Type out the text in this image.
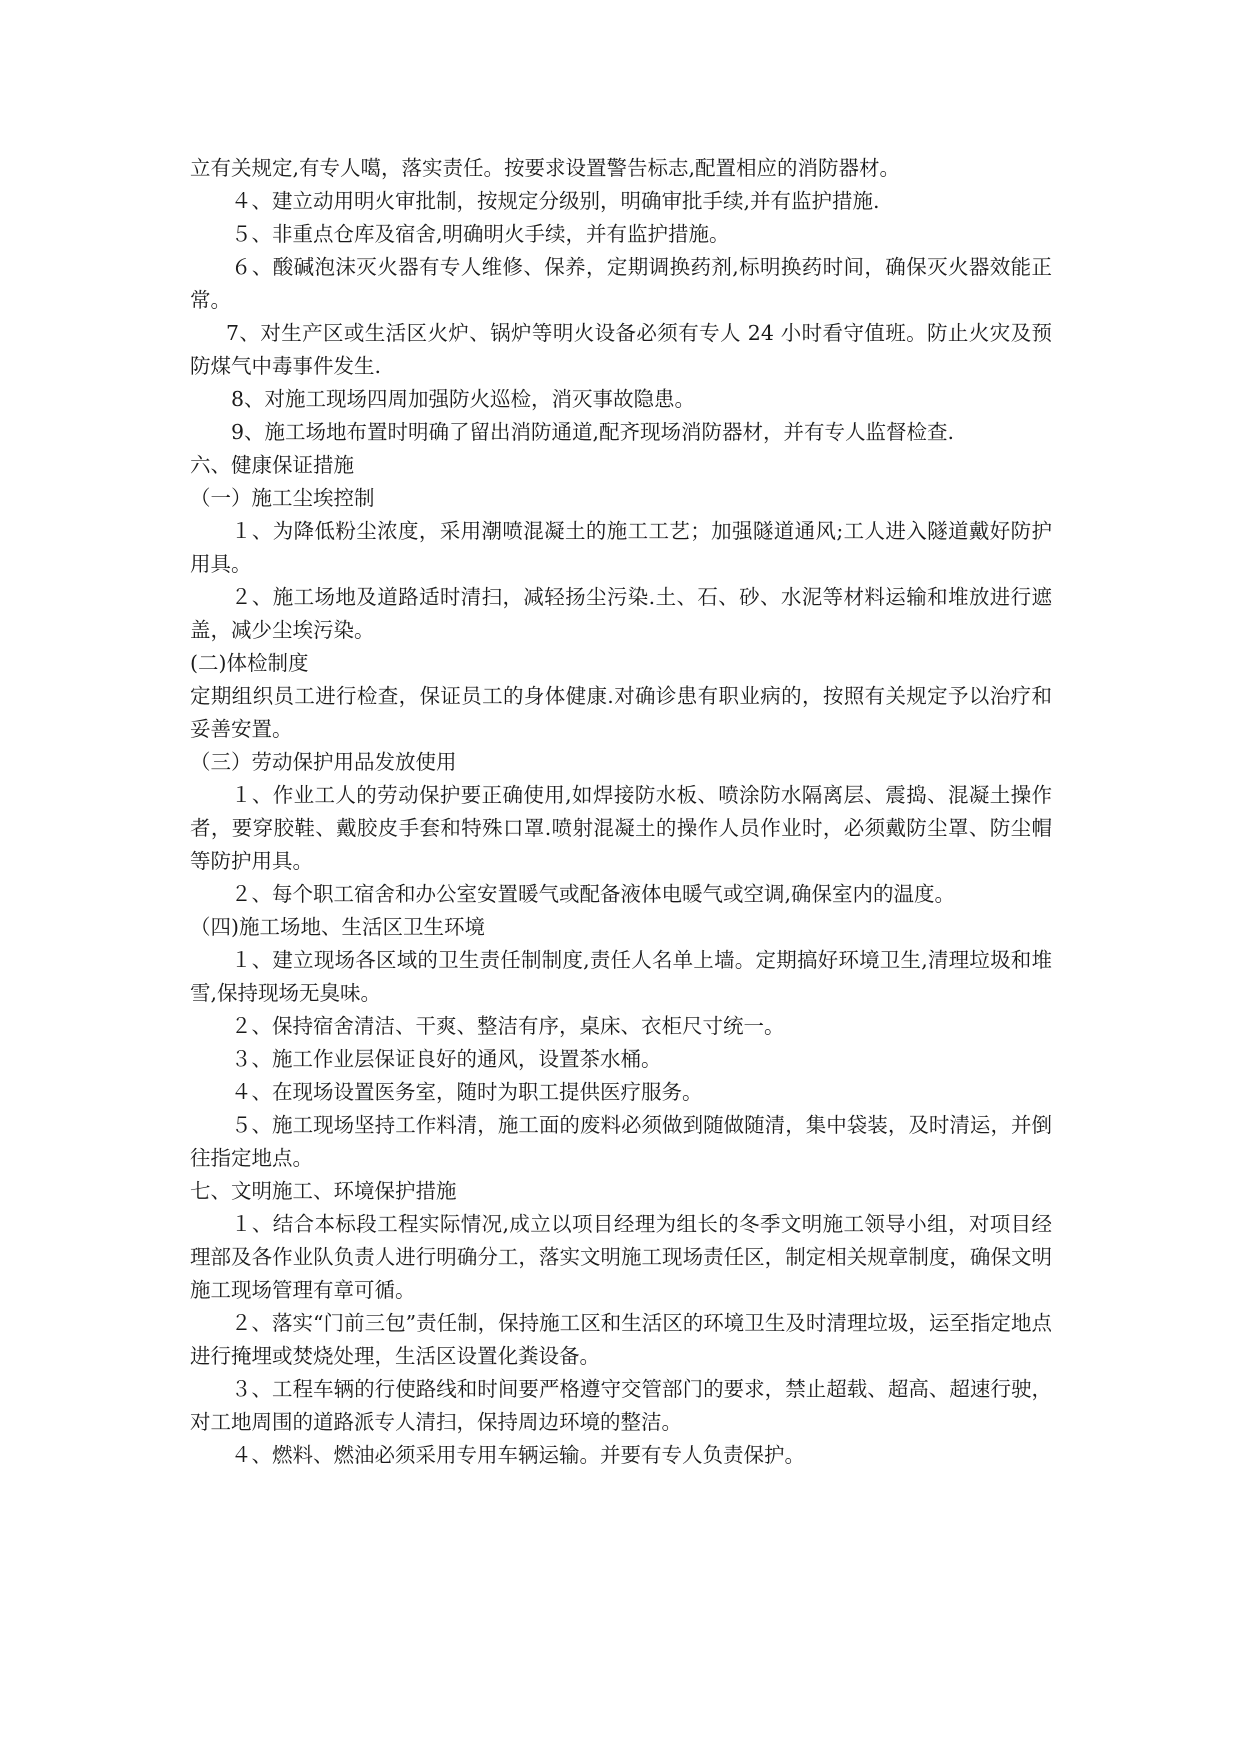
立有关规定,有专人噶，落实责任。按要求设置警告标志,配置相应的消防器材。

４、建立动用明火审批制，按规定分级别，明确审批手续,并有监护措施.

５、非重点仓库及宿舍,明确明火手续，并有监护措施。

６、酸碱泡沫灭火器有专人维修、保养，定期调换药剂,标明换药时间，确保灭火器效能正常。

7、对生产区或生活区火炉、锅炉等明火设备必须有专人 24 小时看守值班。防止火灾及预防煤气中毒事件发生.

8、对施工现场四周加强防火巡检，消灭事故隐患。

9、施工场地布置时明确了留出消防通道,配齐现场消防器材，并有专人监督检查.

六、健康保证措施

（一）施工尘埃控制

１、为降低粉尘浓度，采用潮喷混凝土的施工工艺；加强隧道通风;工人进入隧道戴好防护用具。

２、施工场地及道路适时清扫，减轻扬尘污染.土、石、砂、水泥等材料运输和堆放进行遮盖，减少尘埃污染。

(二)体检制度

定期组织员工进行检查，保证员工的身体健康.对确诊患有职业病的，按照有关规定予以治疗和妥善安置。

（三）劳动保护用品发放使用

１、作业工人的劳动保护要正确使用,如焊接防水板、喷涂防水隔离层、震捣、混凝土操作者，要穿胶鞋、戴胶皮手套和特殊口罩.喷射混凝土的操作人员作业时，必须戴防尘罩、防尘帽等防护用具。

２、每个职工宿舍和办公室安置暖气或配备液体电暖气或空调,确保室内的温度。

（四)施工场地、生活区卫生环境

１、建立现场各区域的卫生责任制制度,责任人名单上墙。定期搞好环境卫生,清理垃圾和堆雪,保持现场无臭味。

２、保持宿舍清洁、干爽、整洁有序，桌床、衣柜尺寸统一。

３、施工作业层保证良好的通风，设置茶水桶。

４、在现场设置医务室，随时为职工提供医疗服务。

５、施工现场坚持工作料清，施工面的废料必须做到随做随清，集中袋装，及时清运，并倒往指定地点。

七、文明施工、环境保护措施

１、结合本标段工程实际情况,成立以项目经理为组长的冬季文明施工领导小组，对项目经理部及各作业队负责人进行明确分工，落实文明施工现场责任区，制定相关规章制度，确保文明施工现场管理有章可循。

２、落实“门前三包”责任制，保持施工区和生活区的环境卫生及时清理垃圾，运至指定地点进行掩埋或焚烧处理，生活区设置化粪设备。

３、工程车辆的行使路线和时间要严格遵守交管部门的要求，禁止超载、超高、超速行驶，对工地周围的道路派专人清扫，保持周边环境的整洁。

４、燃料、燃油必须采用专用车辆运输。并要有专人负责保护。
